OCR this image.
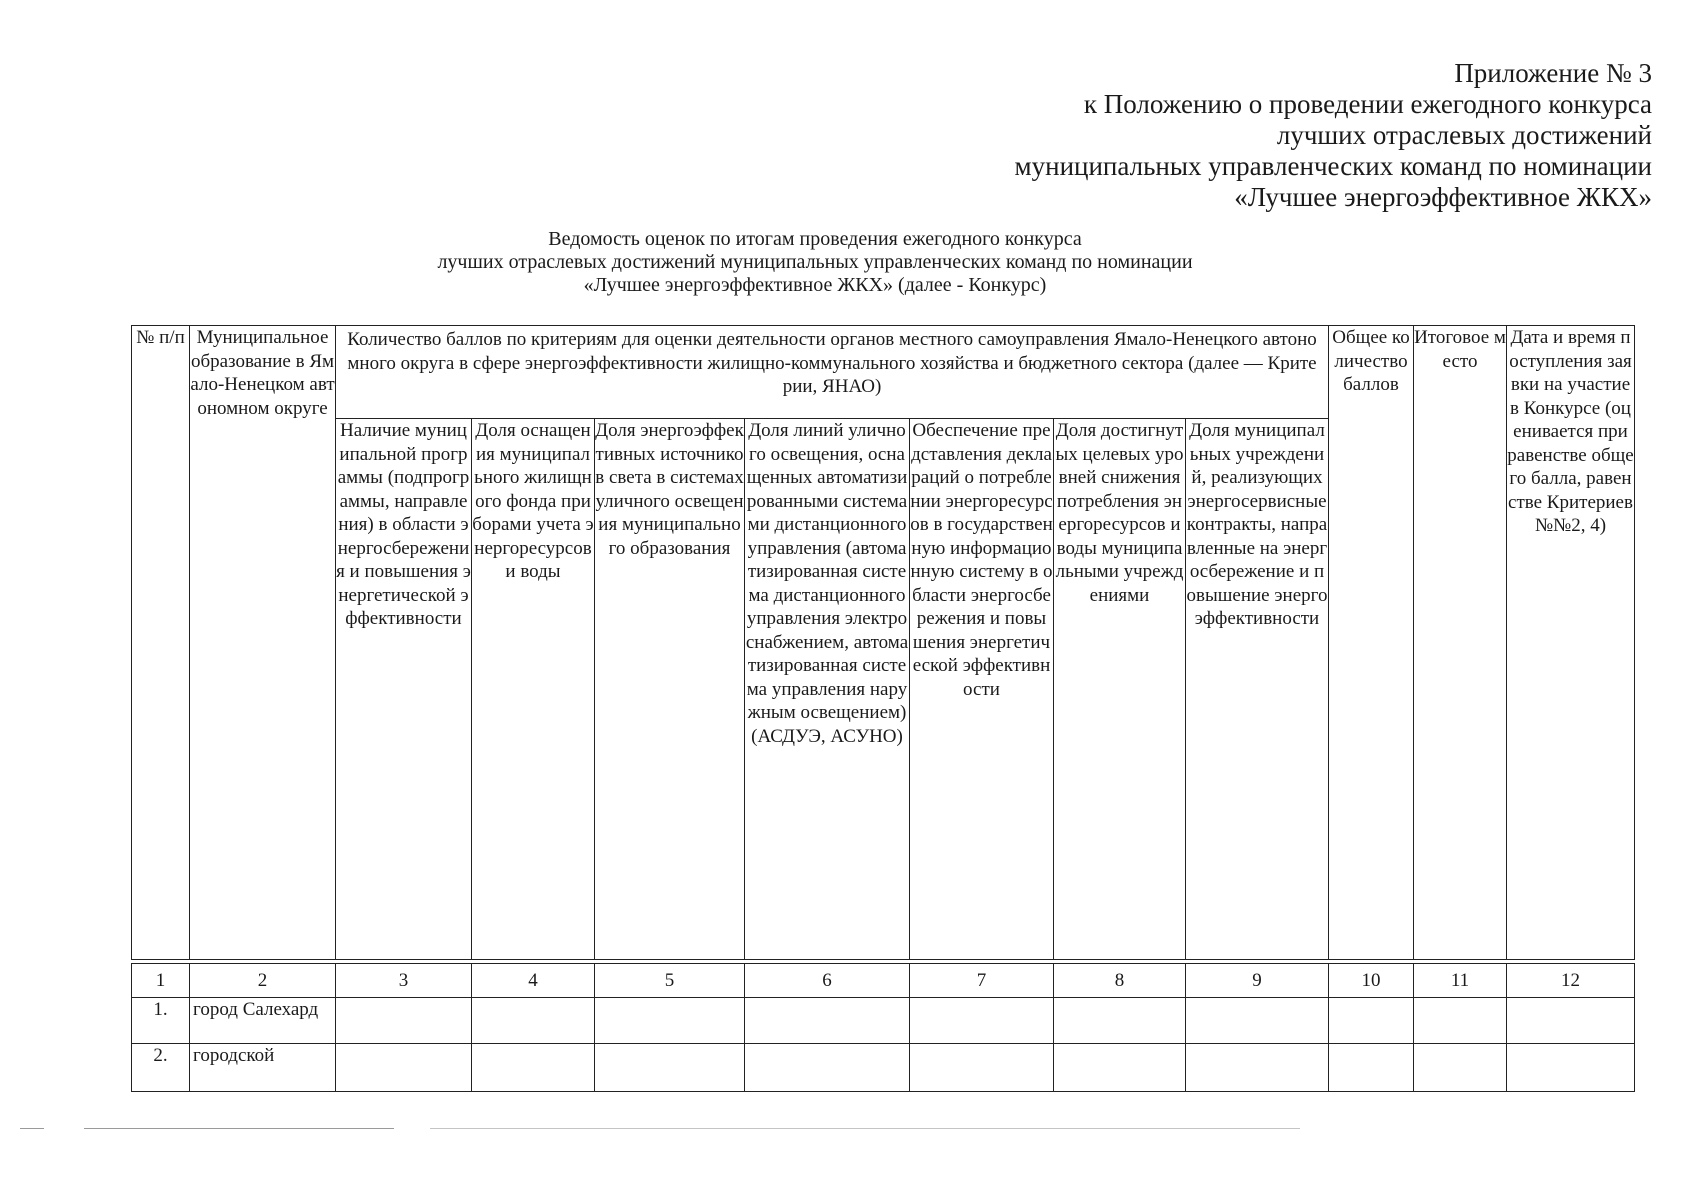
Приложение № 3
к Положению о проведении ежегодного конкурса
лучших отраслевых достижений
муниципальных управленческих команд по номинации
«Лучшее энергоэффективное ЖКХ»
Ведомость оценок по итогам проведения ежегодного конкурса
лучших отраслевых достижений муниципальных управленческих команд по номинации
«Лучшее энергоэффективное ЖКХ» (далее - Конкурс)
№ п/п	Муниципальное образование в Ямало-Ненецком автономном округе	Количество баллов по критериям для оценки деятельности органов местного самоуправления Ямало-Ненецкого автономного округа в сфере энергоэффективности жилищно-коммунального хозяйства и бюджетного сектора (далее — Критерии, ЯНАО)							Общее количество баллов	Итоговое место	Дата и время поступления заявки на участие в Конкурсе (оценивается при равенстве общего балла, равенстве Критериев №№2, 4)
		Наличие муниципальной программы (подпрограммы, направления) в области энергосбережения и повышения энергетической эффективности	Доля оснащения муниципального жилищного фонда приборами учета энергоресурсов и воды	Доля энергоэффективных источников света в системах уличного освещения муниципального образования	Доля линий уличного освещения, оснащенных автоматизированными системами дистанционного управления (автоматизированная система дистанционного управления электроснабжением, автоматизированная система управления наружным освещением) (АСДУЭ, АСУНО)	Обеспечение представления деклараций о потреблении энергоресурсов в государственную информационную систему в области энергосбережения и повышения энергетической эффективности	Доля достигнутых целевых уровней снижения потребления энергоресурсов и воды муниципальными учреждениями	Доля муниципальных учреждений, реализующих энергосервисные контракты, направленные на энергосбережение и повышение энергоэффективности			
1	2	3	4	5	6	7	8	9	10	11	12
1.	город Салехард										
2.	городской										
